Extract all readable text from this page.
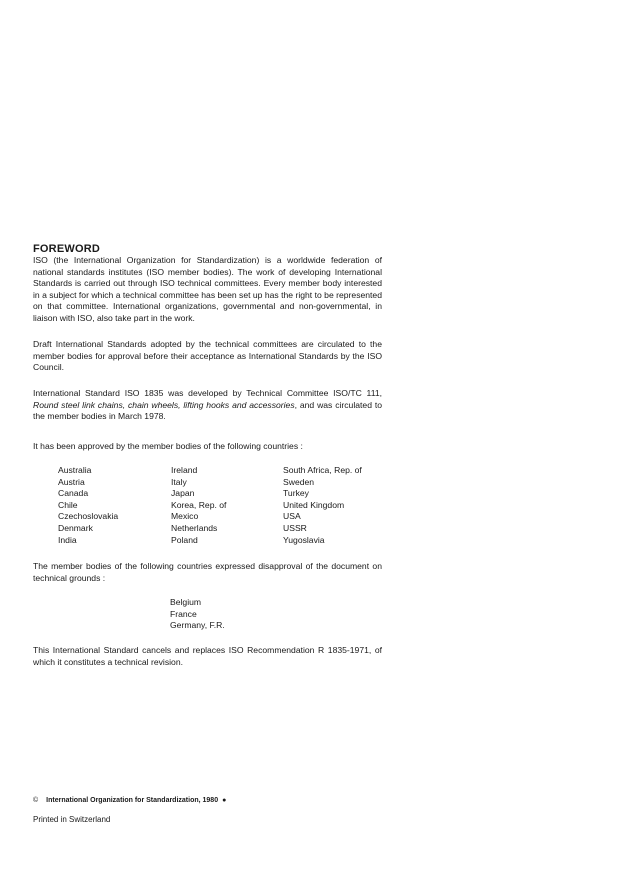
FOREWORD

ISO (the International Organization for Standardization) is a worldwide federation of national standards institutes (ISO member bodies). The work of developing International Standards is carried out through ISO technical committees. Every member body interested in a subject for which a technical committee has been set up has the right to be represented on that committee. International organizations, governmental and non-governmental, in liaison with ISO, also take part in the work.

Draft International Standards adopted by the technical committees are circulated to the member bodies for approval before their acceptance as International Standards by the ISO Council.

International Standard ISO 1835 was developed by Technical Committee ISO/TC 111, Round steel link chains, chain wheels, lifting hooks and accessories, and was circulated to the member bodies in March 1978.

It has been approved by the member bodies of the following countries :

Australia
Austria
Canada
Chile
Czechoslovakia
Denmark
India
Ireland
Italy
Japan
Korea, Rep. of
Mexico
Netherlands
Poland
South Africa, Rep. of
Sweden
Turkey
United Kingdom
USA
USSR
Yugoslavia

The member bodies of the following countries expressed disapproval of the document on technical grounds :

Belgium
France
Germany, F.R.

This International Standard cancels and replaces ISO Recommendation R 1835-1971, of which it constitutes a technical revision.

© International Organization for Standardization, 1980 ●
Printed in Switzerland
